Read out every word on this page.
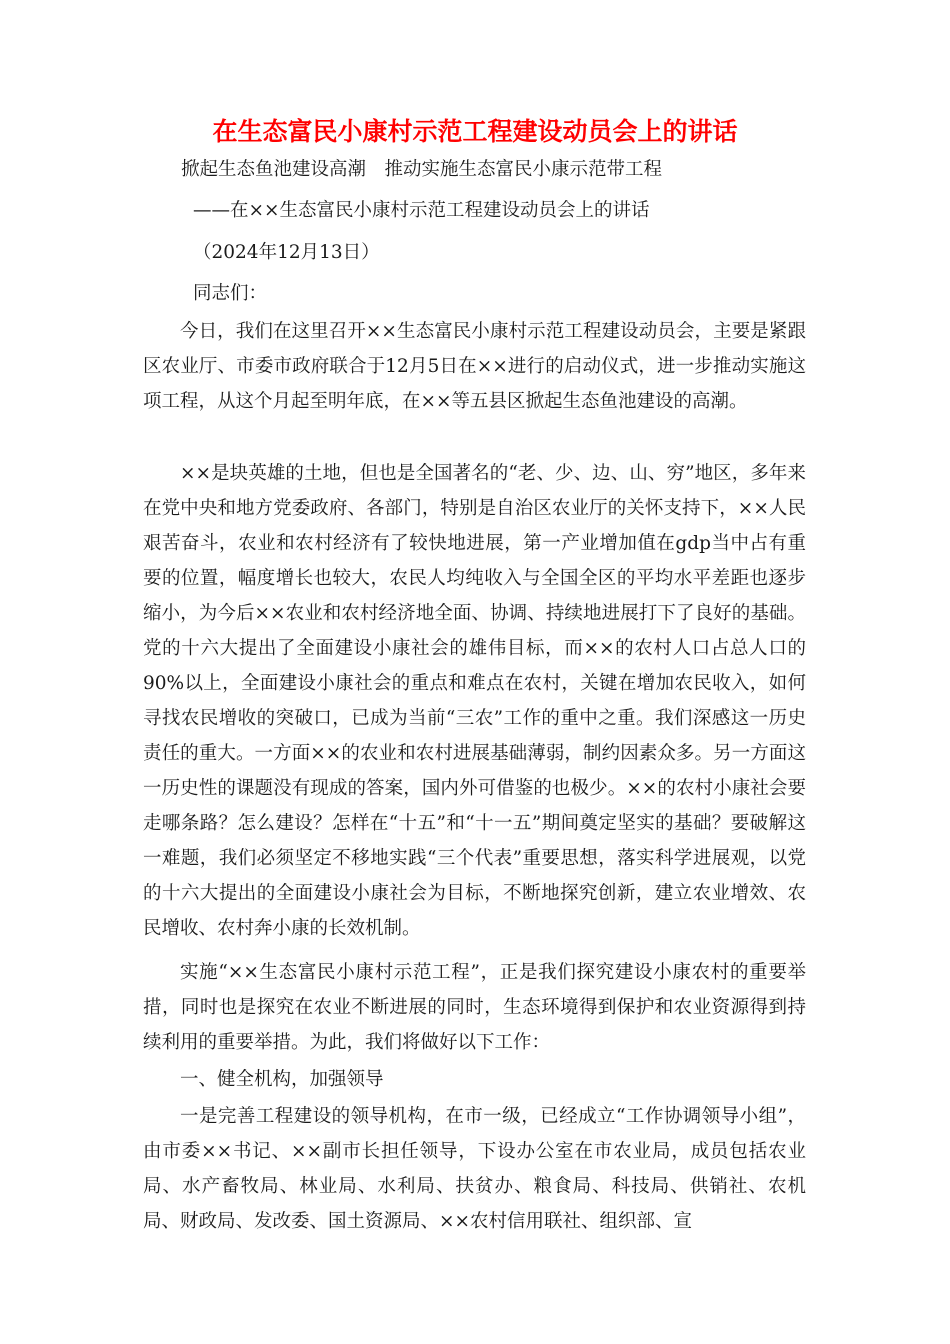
在生态富民小康村示范工程建设动员会上的讲话

掀起生态鱼池建设高潮　推动实施生态富民小康示范带工程

——在××生态富民小康村示范工程建设动员会上的讲话

（2024年12月13日）

同志们：

今日，我们在这里召开××生态富民小康村示范工程建设动员会，主要是紧跟区农业厅、市委市政府联合于12月5日在××进行的启动仪式，进一步推动实施这项工程，从这个月起至明年底，在××等五县区掀起生态鱼池建设的高潮。

××是块英雄的土地，但也是全国著名的“老、少、边、山、穷”地区，多年来在党中央和地方党委政府、各部门，特别是自治区农业厅的关怀支持下，××人民艰苦奋斗，农业和农村经济有了较快地进展，第一产业增加值在gdp当中占有重要的位置，幅度增长也较大，农民人均纯收入与全国全区的平均水平差距也逐步缩小，为今后××农业和农村经济地全面、协调、持续地进展打下了良好的基础。党的十六大提出了全面建设小康社会的雄伟目标，而××的农村人口占总人口的90%以上，全面建设小康社会的重点和难点在农村，关键在增加农民收入，如何寻找农民增收的突破口，已成为当前“三农”工作的重中之重。我们深感这一历史责任的重大。一方面××的农业和农村进展基础薄弱，制约因素众多。另一方面这一历史性的课题没有现成的答案，国内外可借鉴的也极少。××的农村小康社会要走哪条路？怎么建设？怎样在“十五”和“十一五”期间奠定坚实的基础？要破解这一难题，我们必须坚定不移地实践“三个代表”重要思想，落实科学进展观，以党的十六大提出的全面建设小康社会为目标，不断地探究创新，建立农业增效、农民增收、农村奔小康的长效机制。

实施“××生态富民小康村示范工程”，正是我们探究建设小康农村的重要举措，同时也是探究在农业不断进展的同时，生态环境得到保护和农业资源得到持续利用的重要举措。为此，我们将做好以下工作：

一、健全机构，加强领导

一是完善工程建设的领导机构，在市一级，已经成立“工作协调领导小组”，由市委××书记、××副市长担任领导，下设办公室在市农业局，成员包括农业局、水产畜牧局、林业局、水利局、扶贫办、粮食局、科技局、供销社、农机局、财政局、发改委、国土资源局、××农村信用联社、组织部、宣
